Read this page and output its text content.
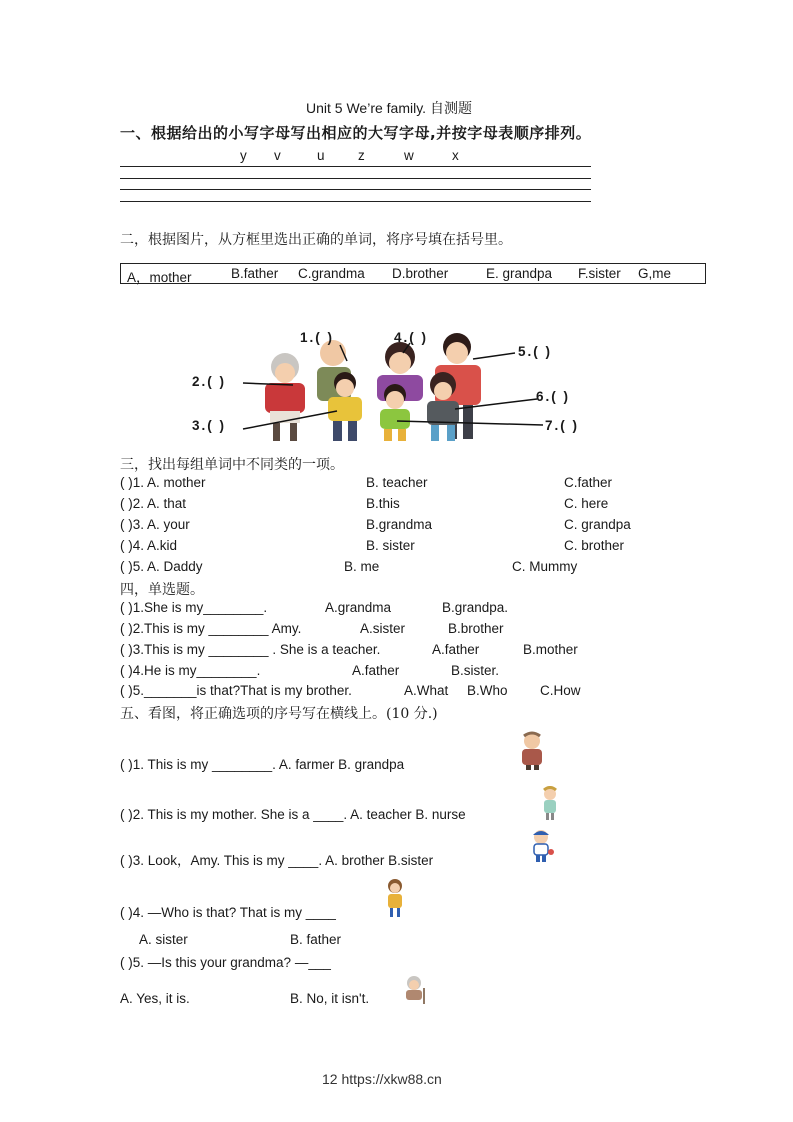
Unit 5 We’re family. 自测题
一、根据给出的小写字母写出相应的大写字母,并按字母表顺序排列。
y v	u z	w	x
二，根据图片，从方框里选出正确的单词，将序号填在括号里。
A，mother	B.father C.grandma D.brother	E. grandpa F.sister G,me
1.( )	4.( )
5.( )
2.( )
6.( )
3.( )	7.( )
三，找出每组单词中不同类的一项。
( )1. A. mother	B. teacher	C.father
( )2. A. that	B.this	C. here
( )3. A. your	B.grandma	C. grandpa
( )4. A.kid	B. sister	C. brother
( )5. A. Daddy	B. me	C. Mummy
四，单选题。
( )1.She is my________.	A.grandma	B.grandpa.
( )2.This is my ________ Amy.	A.sister	B.brother
( )3.This is my ________ . She is a teacher.	A.father	B.mother
( )4.He is my________.	A.father	B.sister.
( )5._______is that?That is my brother.	A.What B.Who C.How
五、看图，将正确选项的序号写在横线上。(10 分.)
( )1. This is my ________. A. farmer B. grandpa
( )2. This is my mother. She is a ____. A. teacher B. nurse
( )3. Look，Amy. This is my ____. A. brother B.sister
( )4. —Who is that? That is my ____
A. sister	B. father
( )5. —Is this your grandma? —___
A. Yes, it is.	B. No, it isn't.
12 https://xkw88.cn
